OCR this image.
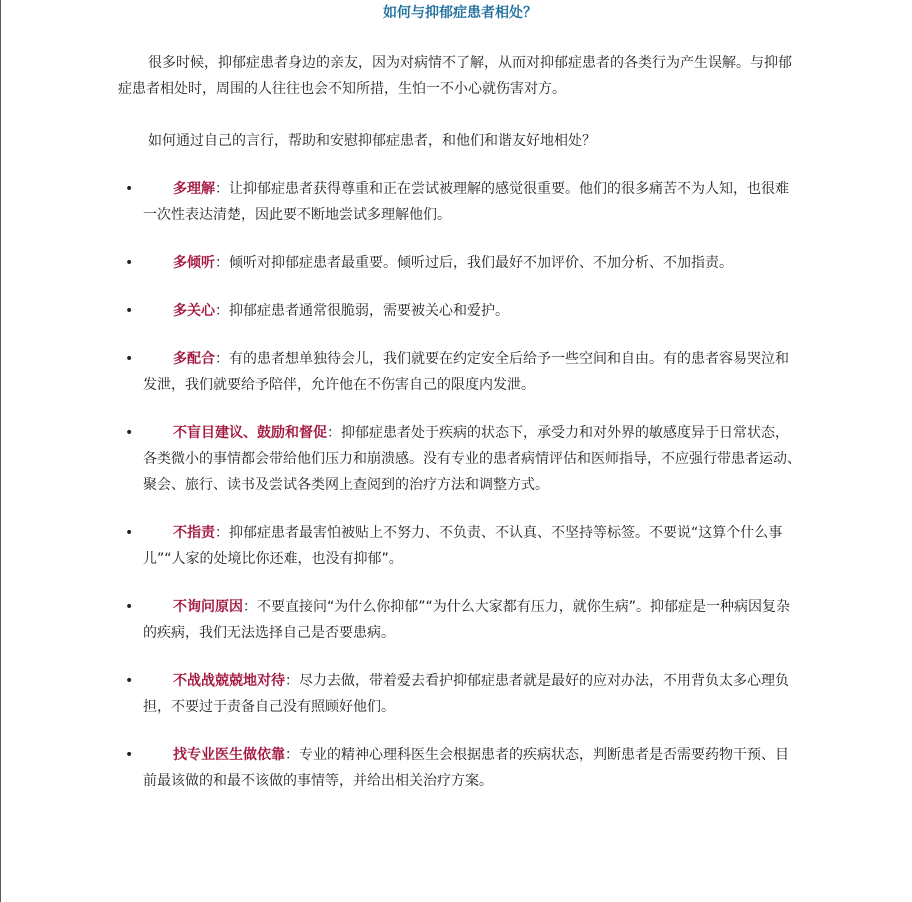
如何与抑郁症患者相处？

很多时候，抑郁症患者身边的亲友，因为对病情不了解，从而对抑郁症患者的各类行为产生误解。与抑郁症患者相处时，周围的人往往也会不知所措，生怕一不小心就伤害对方。

如何通过自己的言行，帮助和安慰抑郁症患者，和他们和谐友好地相处？

•	多理解：让抑郁症患者获得尊重和正在尝试被理解的感觉很重要。他们的很多痛苦不为人知，也很难一次性表达清楚，因此要不断地尝试多理解他们。
•	多倾听：倾听对抑郁症患者最重要。倾听过后，我们最好不加评价、不加分析、不加指责。
•	多关心：抑郁症患者通常很脆弱，需要被关心和爱护。
•	多配合：有的患者想单独待会儿，我们就要在约定安全后给予一些空间和自由。有的患者容易哭泣和发泄，我们就要给予陪伴，允许他在不伤害自己的限度内发泄。
•	不盲目建议、鼓励和督促：抑郁症患者处于疾病的状态下，承受力和对外界的敏感度异于日常状态，各类微小的事情都会带给他们压力和崩溃感。没有专业的患者病情评估和医师指导，不应强行带患者运动、聚会、旅行、读书及尝试各类网上查阅到的治疗方法和调整方式。
•	不指责：抑郁症患者最害怕被贴上不努力、不负责、不认真、不坚持等标签。不要说“这算个什么事儿”“人家的处境比你还难，也没有抑郁”。
•	不询问原因：不要直接问“为什么你抑郁”“为什么大家都有压力，就你生病”。抑郁症是一种病因复杂的疾病，我们无法选择自己是否要患病。
•	不战战兢兢地对待：尽力去做，带着爱去看护抑郁症患者就是最好的应对办法，不用背负太多心理负担，不要过于责备自己没有照顾好他们。
•	找专业医生做依靠：专业的精神心理科医生会根据患者的疾病状态，判断患者是否需要药物干预、目前最该做的和最不该做的事情等，并给出相关治疗方案。
